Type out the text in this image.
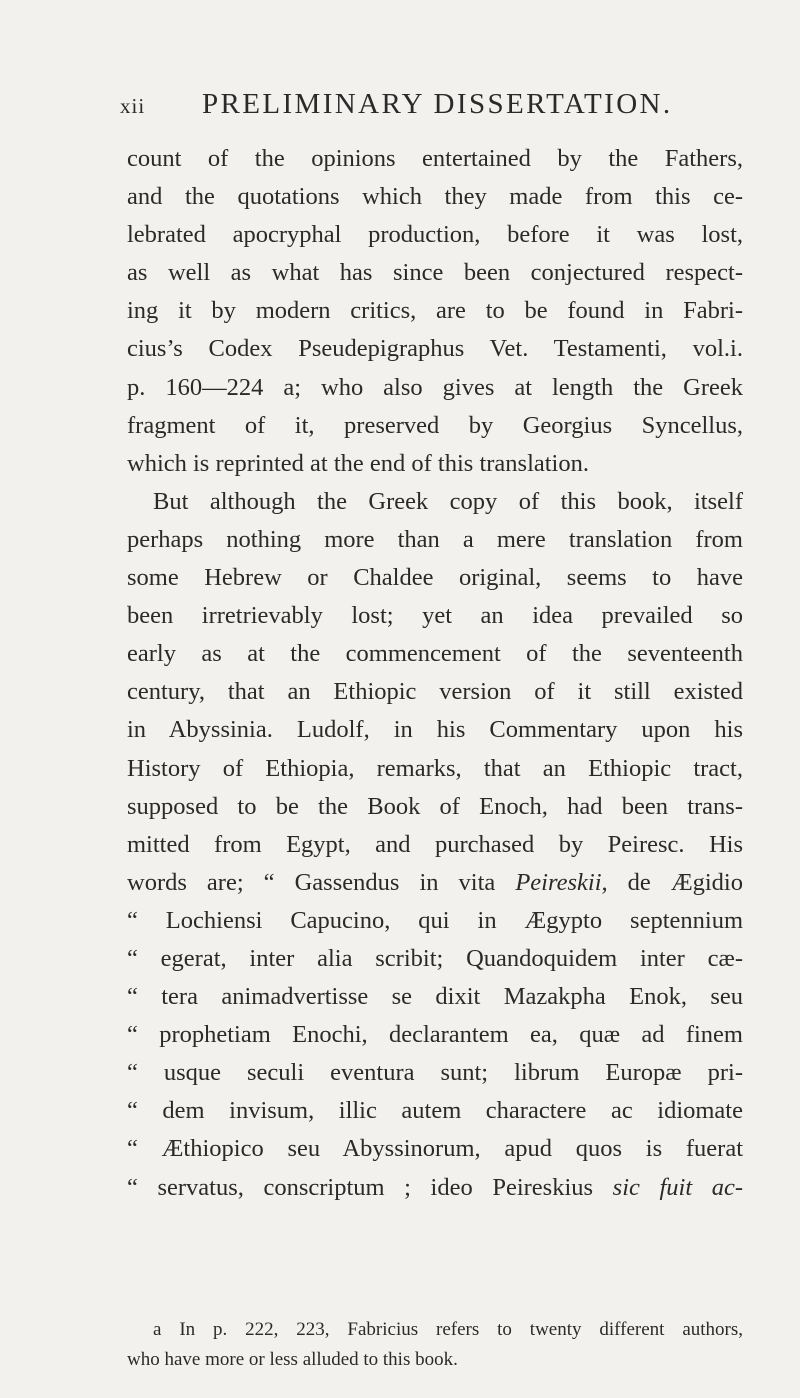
xii PRELIMINARY DISSERTATION.
count of the opinions entertained by the Fathers,
and the quotations which they made from this ce-
lebrated apocryphal production, before it was lost,
as well as what has since been conjectured respect-
ing it by modern critics, are to be found in Fabri-
cius’s Codex Pseudepigraphus Vet. Testamenti, vol.i.
p. 160—224 a; who also gives at length the Greek
fragment of it, preserved by Georgius Syncellus,
which is reprinted at the end of this translation.
But although the Greek copy of this book, itself
perhaps nothing more than a mere translation from
some Hebrew or Chaldee original, seems to have
been irretrievably lost; yet an idea prevailed so
early as at the commencement of the seventeenth
century, that an Ethiopic version of it still existed
in Abyssinia. Ludolf, in his Commentary upon his
History of Ethiopia, remarks, that an Ethiopic tract,
supposed to be the Book of Enoch, had been trans-
mitted from Egypt, and purchased by Peiresc. His
words are; “ Gassendus in vita Peireskii, de Ægidio
“ Lochiensi Capucino, qui in Ægypto septennium
“ egerat, inter alia scribit; Quandoquidem inter cæ-
“ tera animadvertisse se dixit Mazakpha Enok, seu
“ prophetiam Enochi, declarantem ea, quæ ad finem
“ usque seculi eventura sunt; librum Europæ pri-
“ dem invisum, illic autem charactere ac idiomate
“ Æthiopico seu Abyssinorum, apud quos is fuerat
“ servatus, conscriptum ; ideo Peireskius sic fuit ac-
a In p. 222, 223, Fabricius refers to twenty different authors,
who have more or less alluded to this book.
